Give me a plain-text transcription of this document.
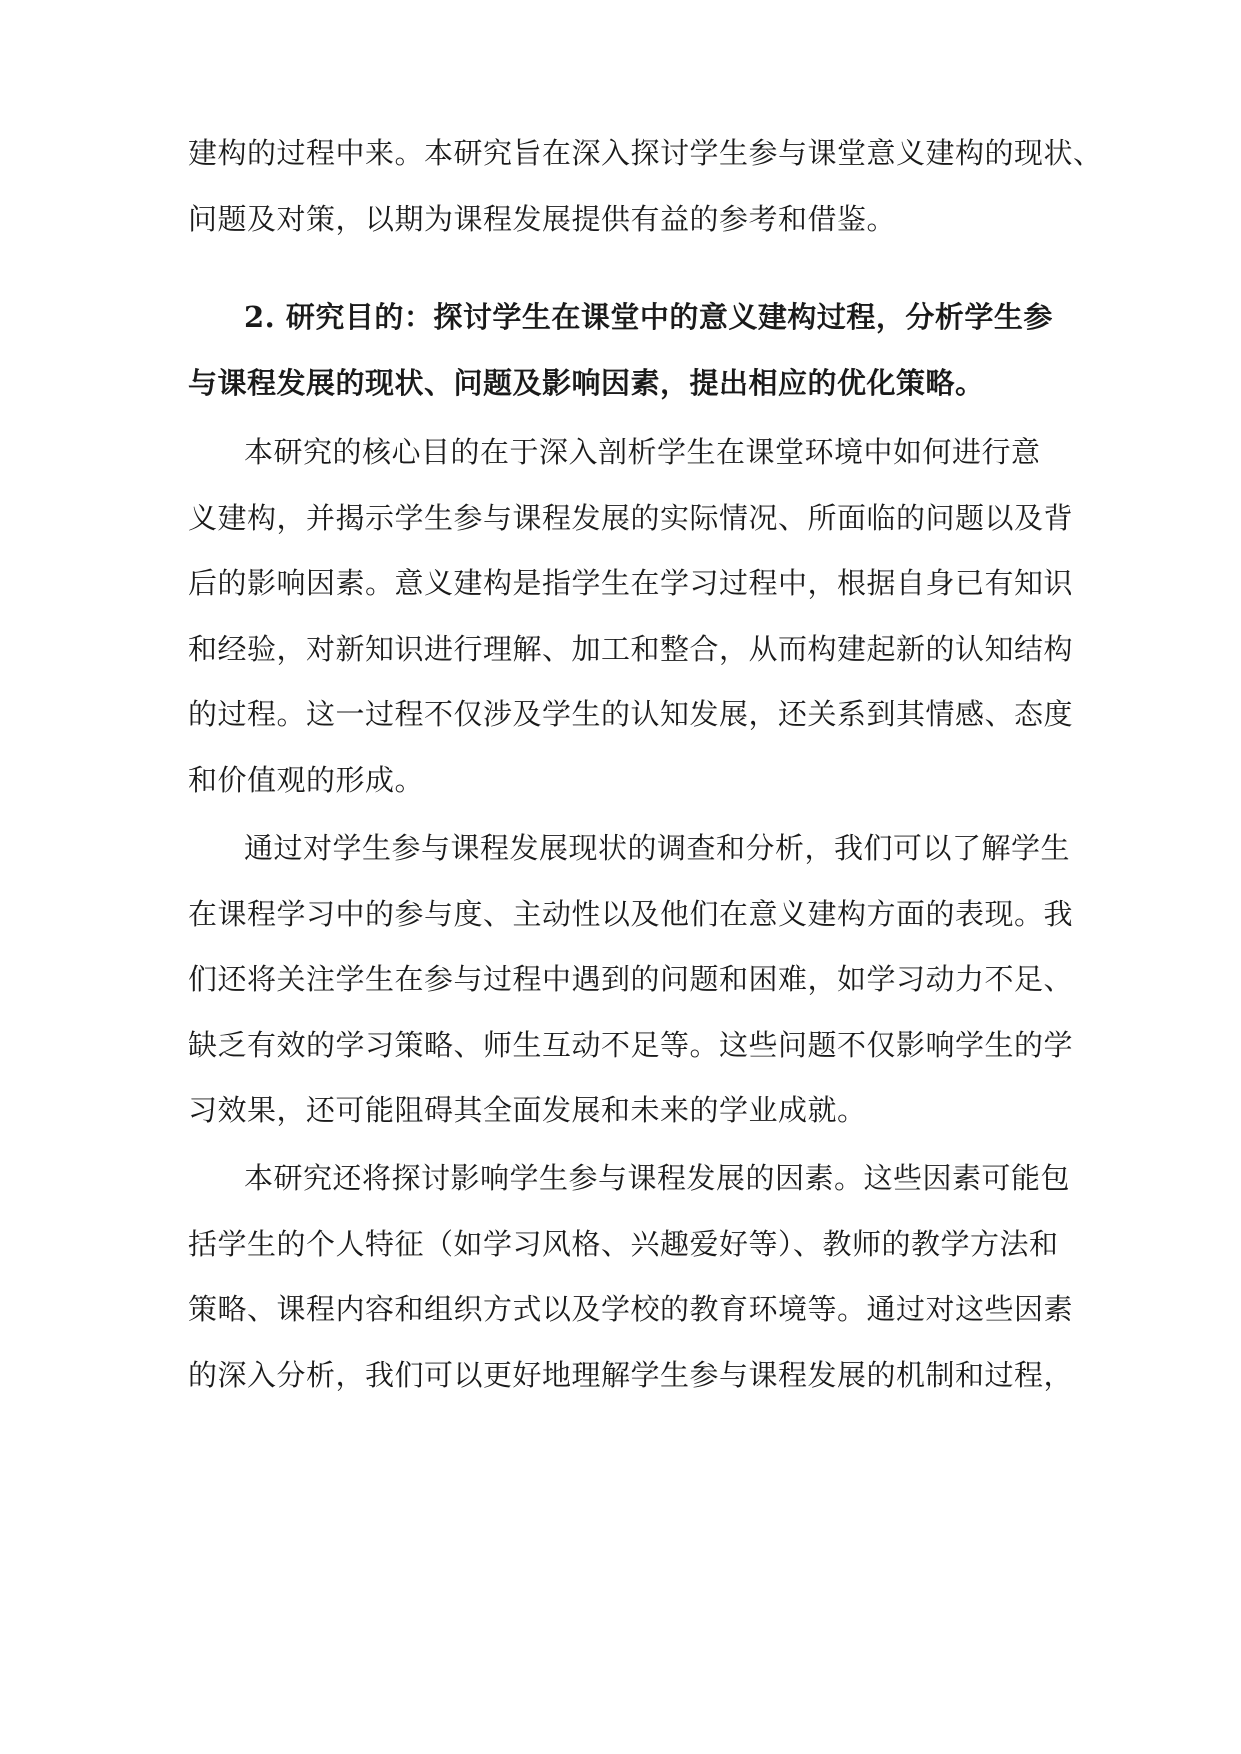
建构的过程中来。本研究旨在深入探讨学生参与课堂意义建构的现状、
问题及对策，以期为课程发展提供有益的参考和借鉴。
2. 研究目的：探讨学生在课堂中的意义建构过程，分析学生参
与课程发展的现状、问题及影响因素，提出相应的优化策略。
本研究的核心目的在于深入剖析学生在课堂环境中如何进行意
义建构，并揭示学生参与课程发展的实际情况、所面临的问题以及背
后的影响因素。意义建构是指学生在学习过程中，根据自身已有知识
和经验，对新知识进行理解、加工和整合，从而构建起新的认知结构
的过程。这一过程不仅涉及学生的认知发展，还关系到其情感、态度
和价值观的形成。
通过对学生参与课程发展现状的调查和分析，我们可以了解学生
在课程学习中的参与度、主动性以及他们在意义建构方面的表现。我
们还将关注学生在参与过程中遇到的问题和困难，如学习动力不足、
缺乏有效的学习策略、师生互动不足等。这些问题不仅影响学生的学
习效果，还可能阻碍其全面发展和未来的学业成就。
本研究还将探讨影响学生参与课程发展的因素。这些因素可能包
括学生的个人特征（如学习风格、兴趣爱好等）、教师的教学方法和
策略、课程内容和组织方式以及学校的教育环境等。通过对这些因素
的深入分析，我们可以更好地理解学生参与课程发展的机制和过程，
